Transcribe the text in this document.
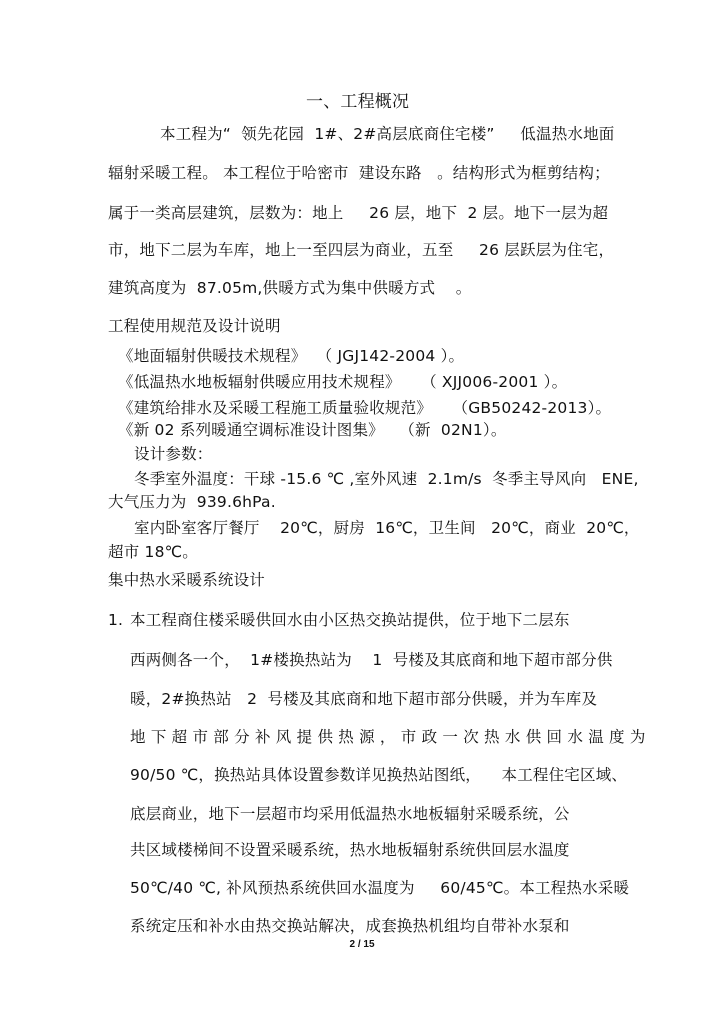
一、工程概况
本工程为“  领先花园  1#、2#高层底商住宅楼”     低温热水地面
辐射采暖工程。 本工程位于哈密市  建设东路   。结构形式为框剪结构；
属于一类高层建筑，层数为：地上     26 层，地下  2 层。地下一层为超
市，地下二层为车库，地上一至四层为商业，五至     26 层跃层为住宅，
建筑高度为  87.05m,供暖方式为集中供暖方式    。
工程使用规范及设计说明
《地面辐射供暖技术规程》  （ JGJ142-2004 ）。
《低温热水地板辐射供暖应用技术规程》    （ XJJ006-2001 ）。
《建筑给排水及采暖工程施工质量验收规范》    （GB50242-2013）。
《新 02 系列暖通空调标准设计图集》   （新  02N1）。
设计参数：
冬季室外温度：干球 -15.6 ℃ ,室外风速  2.1m/s  冬季主导风向   ENE,
大气压力为  939.6hPa.
室内卧室客厅餐厅    20℃，厨房  16℃，卫生间   20℃，商业  20℃，
超市 18℃。
集中热水采暖系统设计
1. 本工程商住楼采暖供回水由小区热交换站提供，位于地下二层东
西两侧各一个，  1#楼换热站为    1  号楼及其底商和地下超市部分供
暖，2#换热站   2  号楼及其底商和地下超市部分供暖，并为车库及
地 下 超 市 部 分 补 风 提 供 热 源 ， 市 政 一 次 热 水 供 回 水 温 度 为
90/50 ℃，换热站具体设置参数详见换热站图纸，    本工程住宅区域、
底层商业，地下一层超市均采用低温热水地板辐射采暖系统，公
共区域楼梯间不设置采暖系统，热水地板辐射系统供回层水温度
50℃/40 ℃, 补风预热系统供回水温度为     60/45℃。本工程热水采暖
系统定压和补水由热交换站解决，成套换热机组均自带补水泵和
2 / 15
